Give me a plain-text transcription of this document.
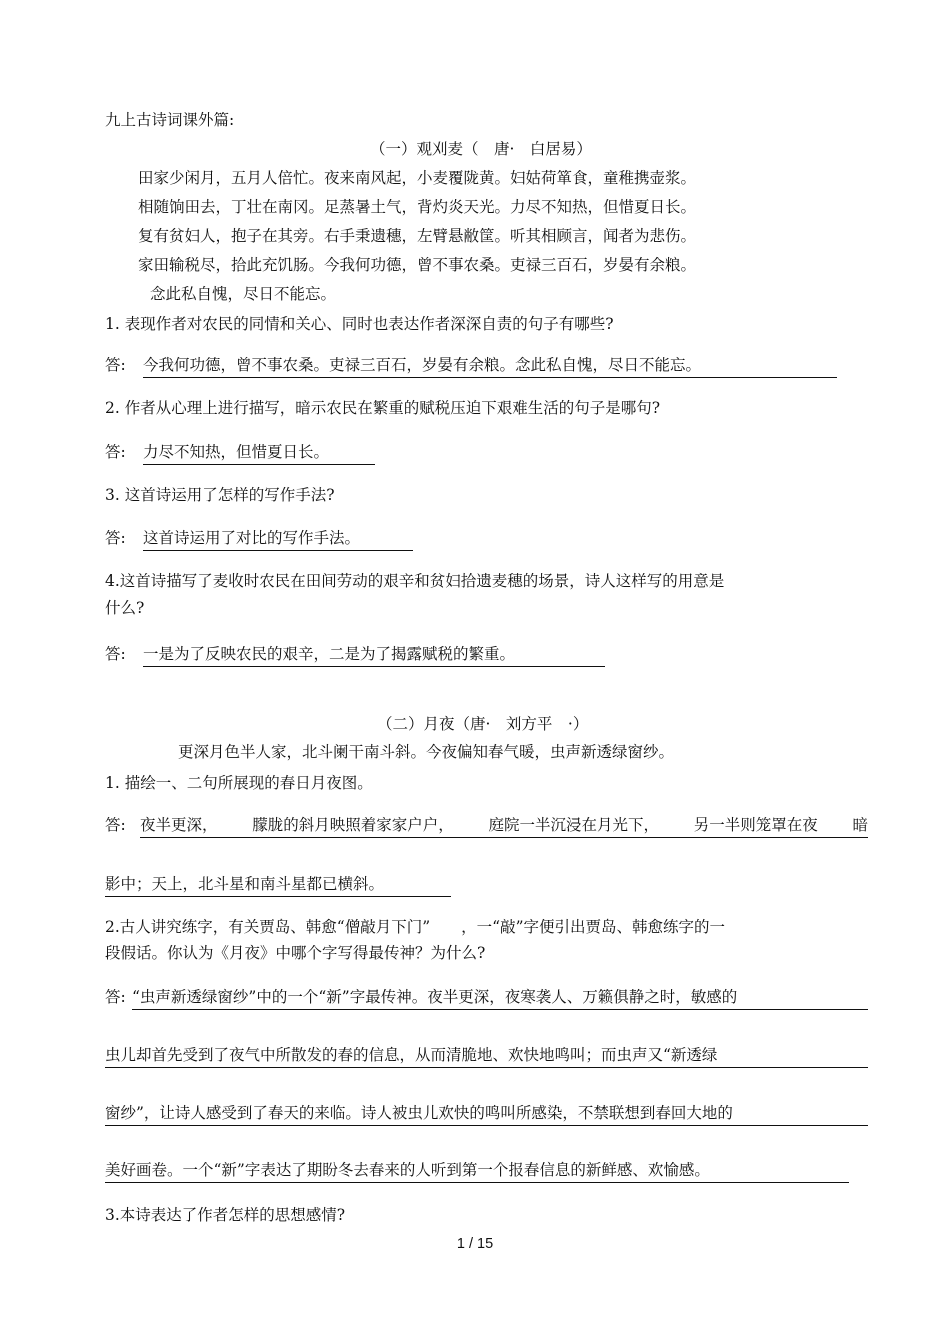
九上古诗词课外篇:
（一）观刈麦（　唐·　白居易）
田家少闲月，五月人倍忙。夜来南风起，小麦覆陇黄。妇姑荷箪食，童稚携壶浆。
相随饷田去，丁壮在南冈。足蒸暑土气，背灼炎天光。力尽不知热，但惜夏日长。
复有贫妇人，抱子在其旁。右手秉遗穗，左臂悬敝筐。听其相顾言，闻者为悲伤。
家田输税尽，拾此充饥肠。今我何功德，曾不事农桑。吏禄三百石，岁晏有余粮。
念此私自愧，尽日不能忘。
1. 表现作者对农民的同情和关心、同时也表达作者深深自责的句子有哪些?
答: 今我何功德，曾不事农桑。吏禄三百石，岁晏有余粮。念此私自愧，尽日不能忘。
2. 作者从心理上进行描写，暗示农民在繁重的赋税压迫下艰难生活的句子是哪句?
答: 力尽不知热，但惜夏日长。
3. 这首诗运用了怎样的写作手法?
答: 这首诗运用了对比的写作手法。
4.这首诗描写了麦收时农民在田间劳动的艰辛和贫妇拾遗麦穗的场景，诗人这样写的用意是
什么?
答: 一是为了反映农民的艰辛，二是为了揭露赋税的繁重。
（二）月夜（唐·　刘方平　·）
更深月色半人家，北斗阑干南斗斜。今夜偏知春气暖，虫声新透绿窗纱。
1. 描绘一、二句所展现的春日月夜图。
答: 夜半更深， 朦胧的斜月映照着家家户户， 庭院一半沉浸在月光下， 另一半则笼罩在夜 暗
影中；天上，北斗星和南斗星都已横斜。
2.古人讲究练字，有关贾岛、韩愈“僧敲月下门”　　，一“敲”字便引出贾岛、韩愈练字的一
段假话。你认为《月夜》中哪个字写得最传神？为什么?
答: “虫声新透绿窗纱”中的一个“新”字最传神。夜半更深，夜寒袭人、万籁俱静之时，敏感的
虫儿却首先受到了夜气中所散发的春的信息，从而清脆地、欢快地鸣叫；而虫声又“新透绿
窗纱”，让诗人感受到了春天的来临。诗人被虫儿欢快的鸣叫所感染，不禁联想到春回大地的
美好画卷。一个“新”字表达了期盼冬去春来的人听到第一个报春信息的新鲜感、欢愉感。
3.本诗表达了作者怎样的思想感情?
1 / 15
